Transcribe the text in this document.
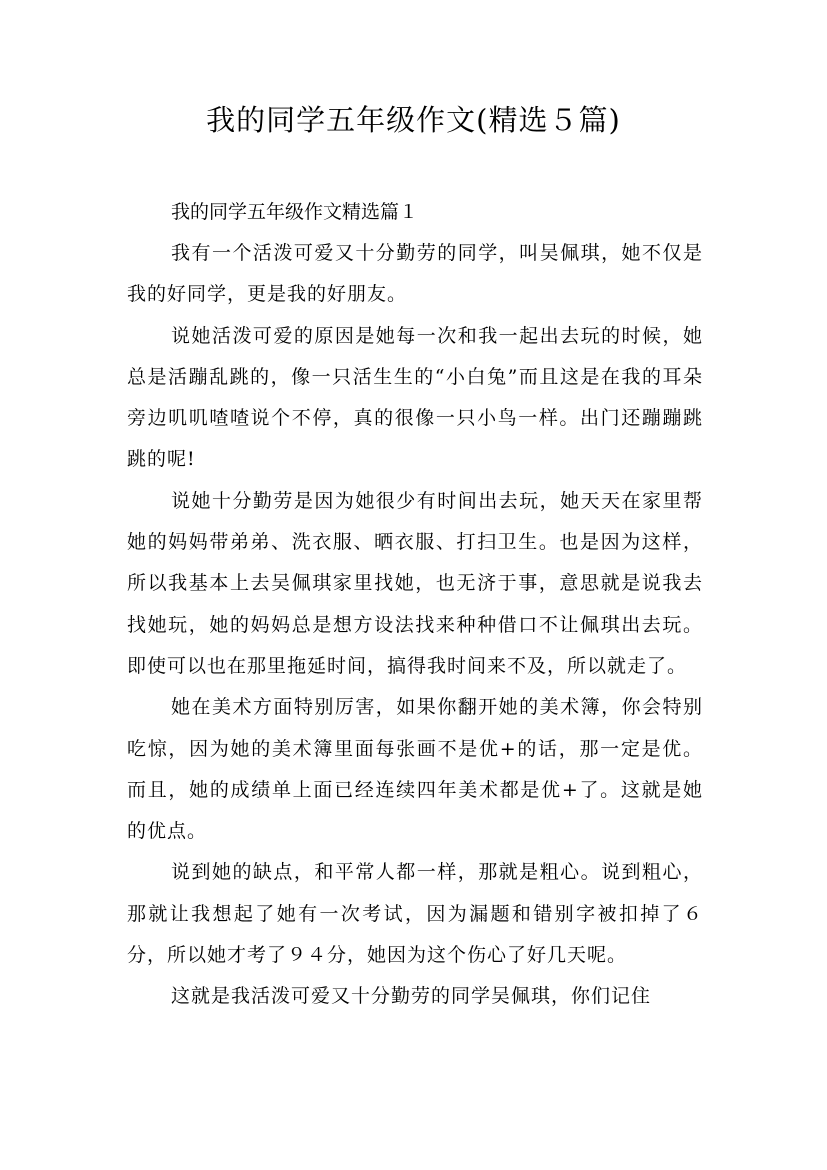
我的同学五年级作文(精选５篇)

我的同学五年级作文精选篇１

我有一个活泼可爱又十分勤劳的同学，叫吴佩琪，她不仅是我的好同学，更是我的好朋友。

说她活泼可爱的原因是她每一次和我一起出去玩的时候，她总是活蹦乱跳的，像一只活生生的“小白兔”而且这是在我的耳朵旁边叽叽喳喳说个不停，真的很像一只小鸟一样。出门还蹦蹦跳跳的呢!

说她十分勤劳是因为她很少有时间出去玩，她天天在家里帮她的妈妈带弟弟、洗衣服、晒衣服、打扫卫生。也是因为这样，所以我基本上去吴佩琪家里找她，也无济于事，意思就是说我去找她玩，她的妈妈总是想方设法找来种种借口不让佩琪出去玩。即使可以也在那里拖延时间，搞得我时间来不及，所以就走了。

她在美术方面特别厉害，如果你翻开她的美术簿，你会特别吃惊，因为她的美术簿里面每张画不是优+的话，那一定是优。而且，她的成绩单上面已经连续四年美术都是优+了。这就是她的优点。

说到她的缺点，和平常人都一样，那就是粗心。说到粗心，那就让我想起了她有一次考试，因为漏题和错别字被扣掉了６分，所以她才考了９４分，她因为这个伤心了好几天呢。

这就是我活泼可爱又十分勤劳的同学吴佩琪，你们记住
